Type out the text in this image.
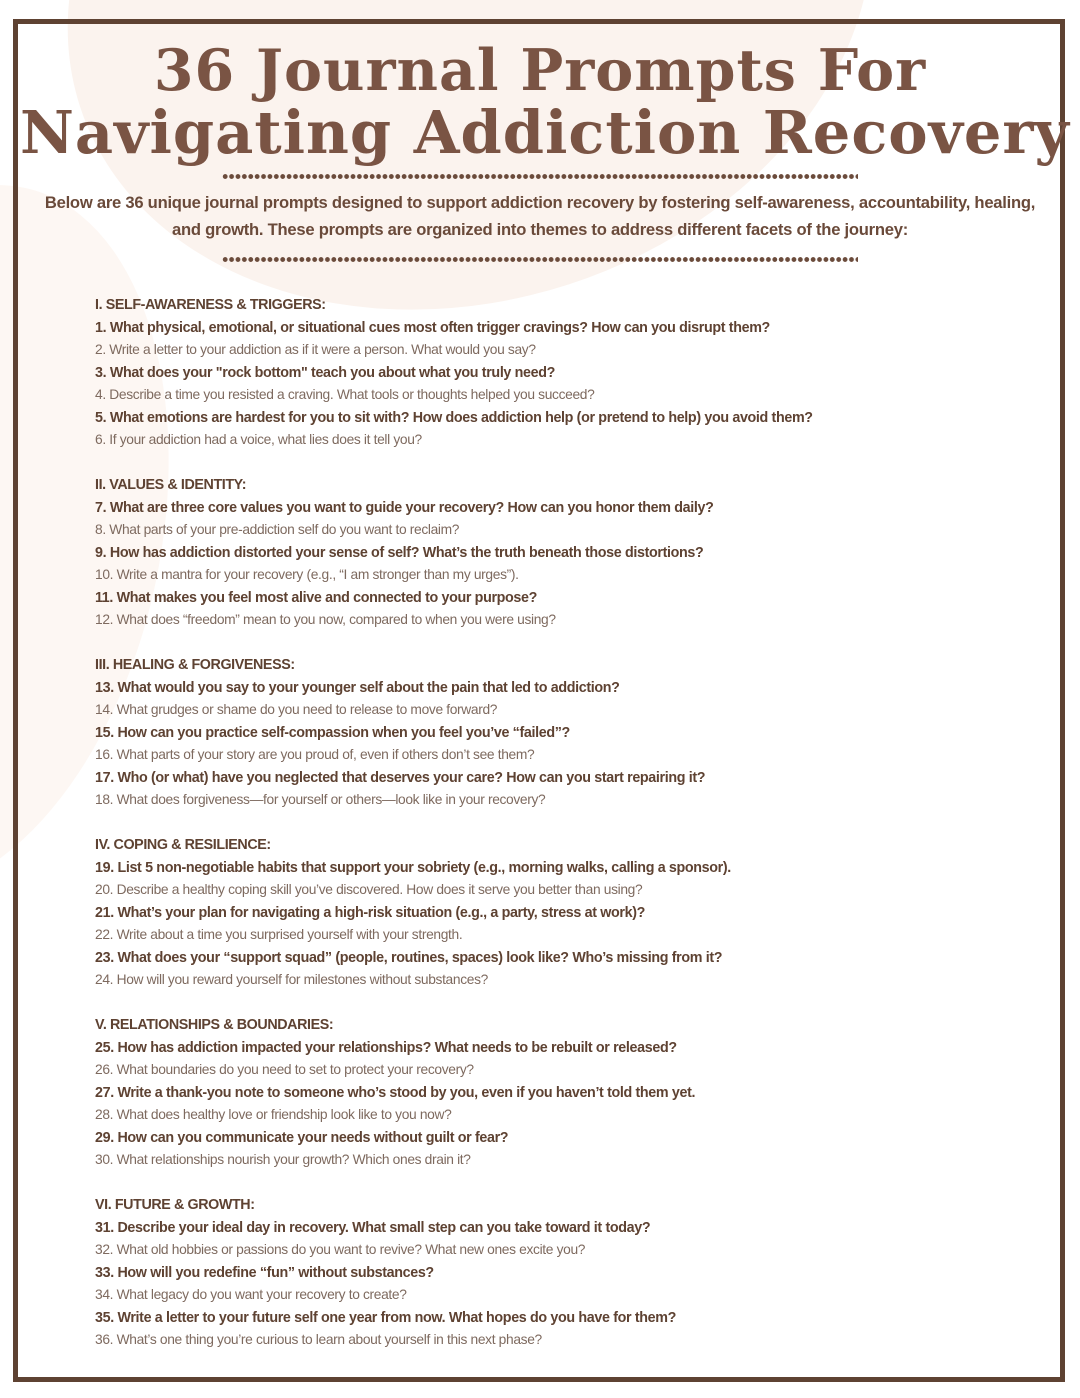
36 Journal Prompts For
Navigating Addiction Recovery

Below are 36 unique journal prompts designed to support addiction recovery by fostering self-awareness, accountability, healing,
and growth. These prompts are organized into themes to address different facets of the journey:

I. SELF-AWARENESS & TRIGGERS:
1. What physical, emotional, or situational cues most often trigger cravings? How can you disrupt them?
2. Write a letter to your addiction as if it were a person. What would you say?
3. What does your "rock bottom" teach you about what you truly need?
4. Describe a time you resisted a craving. What tools or thoughts helped you succeed?
5. What emotions are hardest for you to sit with? How does addiction help (or pretend to help) you avoid them?
6. If your addiction had a voice, what lies does it tell you?
II. VALUES & IDENTITY:
7. What are three core values you want to guide your recovery? How can you honor them daily?
8. What parts of your pre-addiction self do you want to reclaim?
9. How has addiction distorted your sense of self? What’s the truth beneath those distortions?
10. Write a mantra for your recovery (e.g., “I am stronger than my urges”).
11. What makes you feel most alive and connected to your purpose?
12. What does “freedom” mean to you now, compared to when you were using?
III. HEALING & FORGIVENESS:
13. What would you say to your younger self about the pain that led to addiction?
14. What grudges or shame do you need to release to move forward?
15. How can you practice self-compassion when you feel you’ve “failed”?
16. What parts of your story are you proud of, even if others don’t see them?
17. Who (or what) have you neglected that deserves your care? How can you start repairing it?
18. What does forgiveness—for yourself or others—look like in your recovery?
IV. COPING & RESILIENCE:
19. List 5 non-negotiable habits that support your sobriety (e.g., morning walks, calling a sponsor).
20. Describe a healthy coping skill you’ve discovered. How does it serve you better than using?
21. What’s your plan for navigating a high-risk situation (e.g., a party, stress at work)?
22. Write about a time you surprised yourself with your strength.
23. What does your “support squad” (people, routines, spaces) look like? Who’s missing from it?
24. How will you reward yourself for milestones without substances?
V. RELATIONSHIPS & BOUNDARIES:
25. How has addiction impacted your relationships? What needs to be rebuilt or released?
26. What boundaries do you need to set to protect your recovery?
27. Write a thank-you note to someone who’s stood by you, even if you haven’t told them yet.
28. What does healthy love or friendship look like to you now?
29. How can you communicate your needs without guilt or fear?
30. What relationships nourish your growth? Which ones drain it?
VI. FUTURE & GROWTH:
31. Describe your ideal day in recovery. What small step can you take toward it today?
32. What old hobbies or passions do you want to revive? What new ones excite you?
33. How will you redefine “fun” without substances?
34. What legacy do you want your recovery to create?
35. Write a letter to your future self one year from now. What hopes do you have for them?
36. What’s one thing you’re curious to learn about yourself in this next phase?
